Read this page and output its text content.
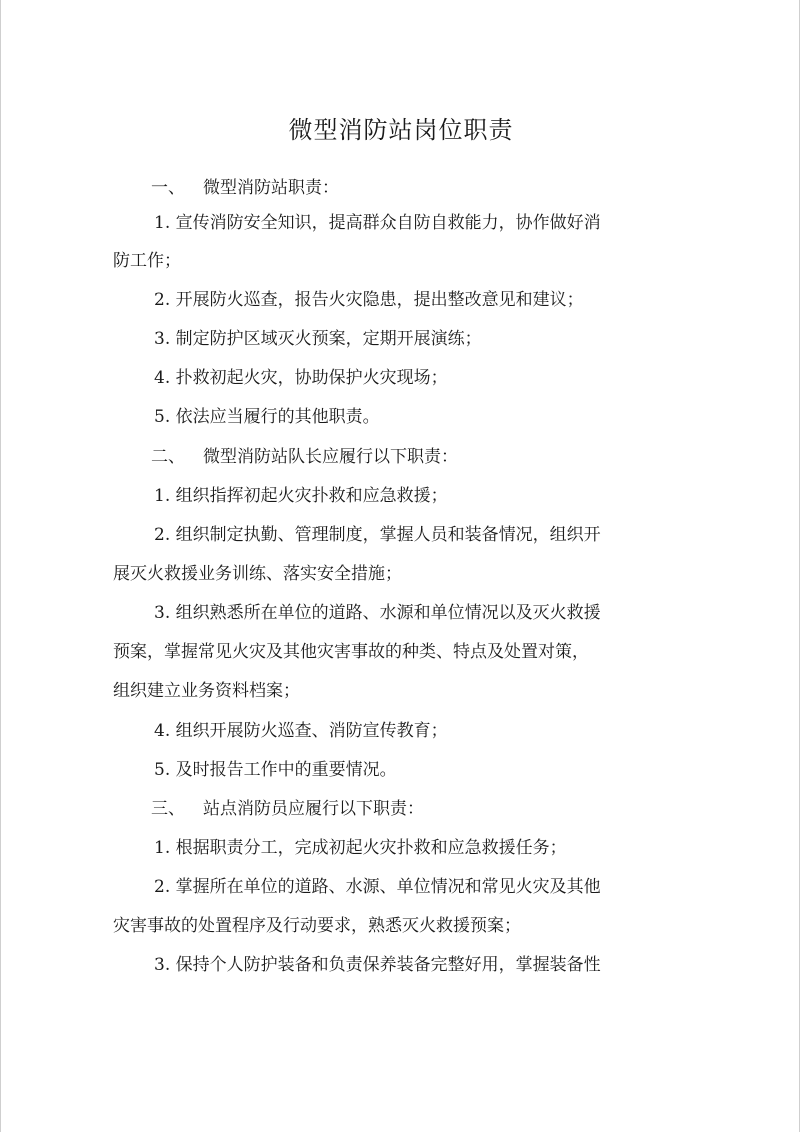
微型消防站岗位职责
一、 微型消防站职责：
1. 宣传消防安全知识，提高群众自防自救能力，协作做好消
防工作；
2. 开展防火巡查，报告火灾隐患，提出整改意见和建议；
3. 制定防护区域灭火预案，定期开展演练；
4. 扑救初起火灾，协助保护火灾现场；
5. 依法应当履行的其他职责。
二、 微型消防站队长应履行以下职责：
1. 组织指挥初起火灾扑救和应急救援；
2. 组织制定执勤、管理制度，掌握人员和装备情况，组织开
展灭火救援业务训练、落实安全措施；
3. 组织熟悉所在单位的道路、水源和单位情况以及灭火救援
预案，掌握常见火灾及其他灾害事故的种类、特点及处置对策，
组织建立业务资料档案；
4. 组织开展防火巡查、消防宣传教育；
5. 及时报告工作中的重要情况。
三、 站点消防员应履行以下职责：
1. 根据职责分工，完成初起火灾扑救和应急救援任务；
2. 掌握所在单位的道路、水源、单位情况和常见火灾及其他
灾害事故的处置程序及行动要求，熟悉灭火救援预案；
3. 保持个人防护装备和负责保养装备完整好用，掌握装备性
